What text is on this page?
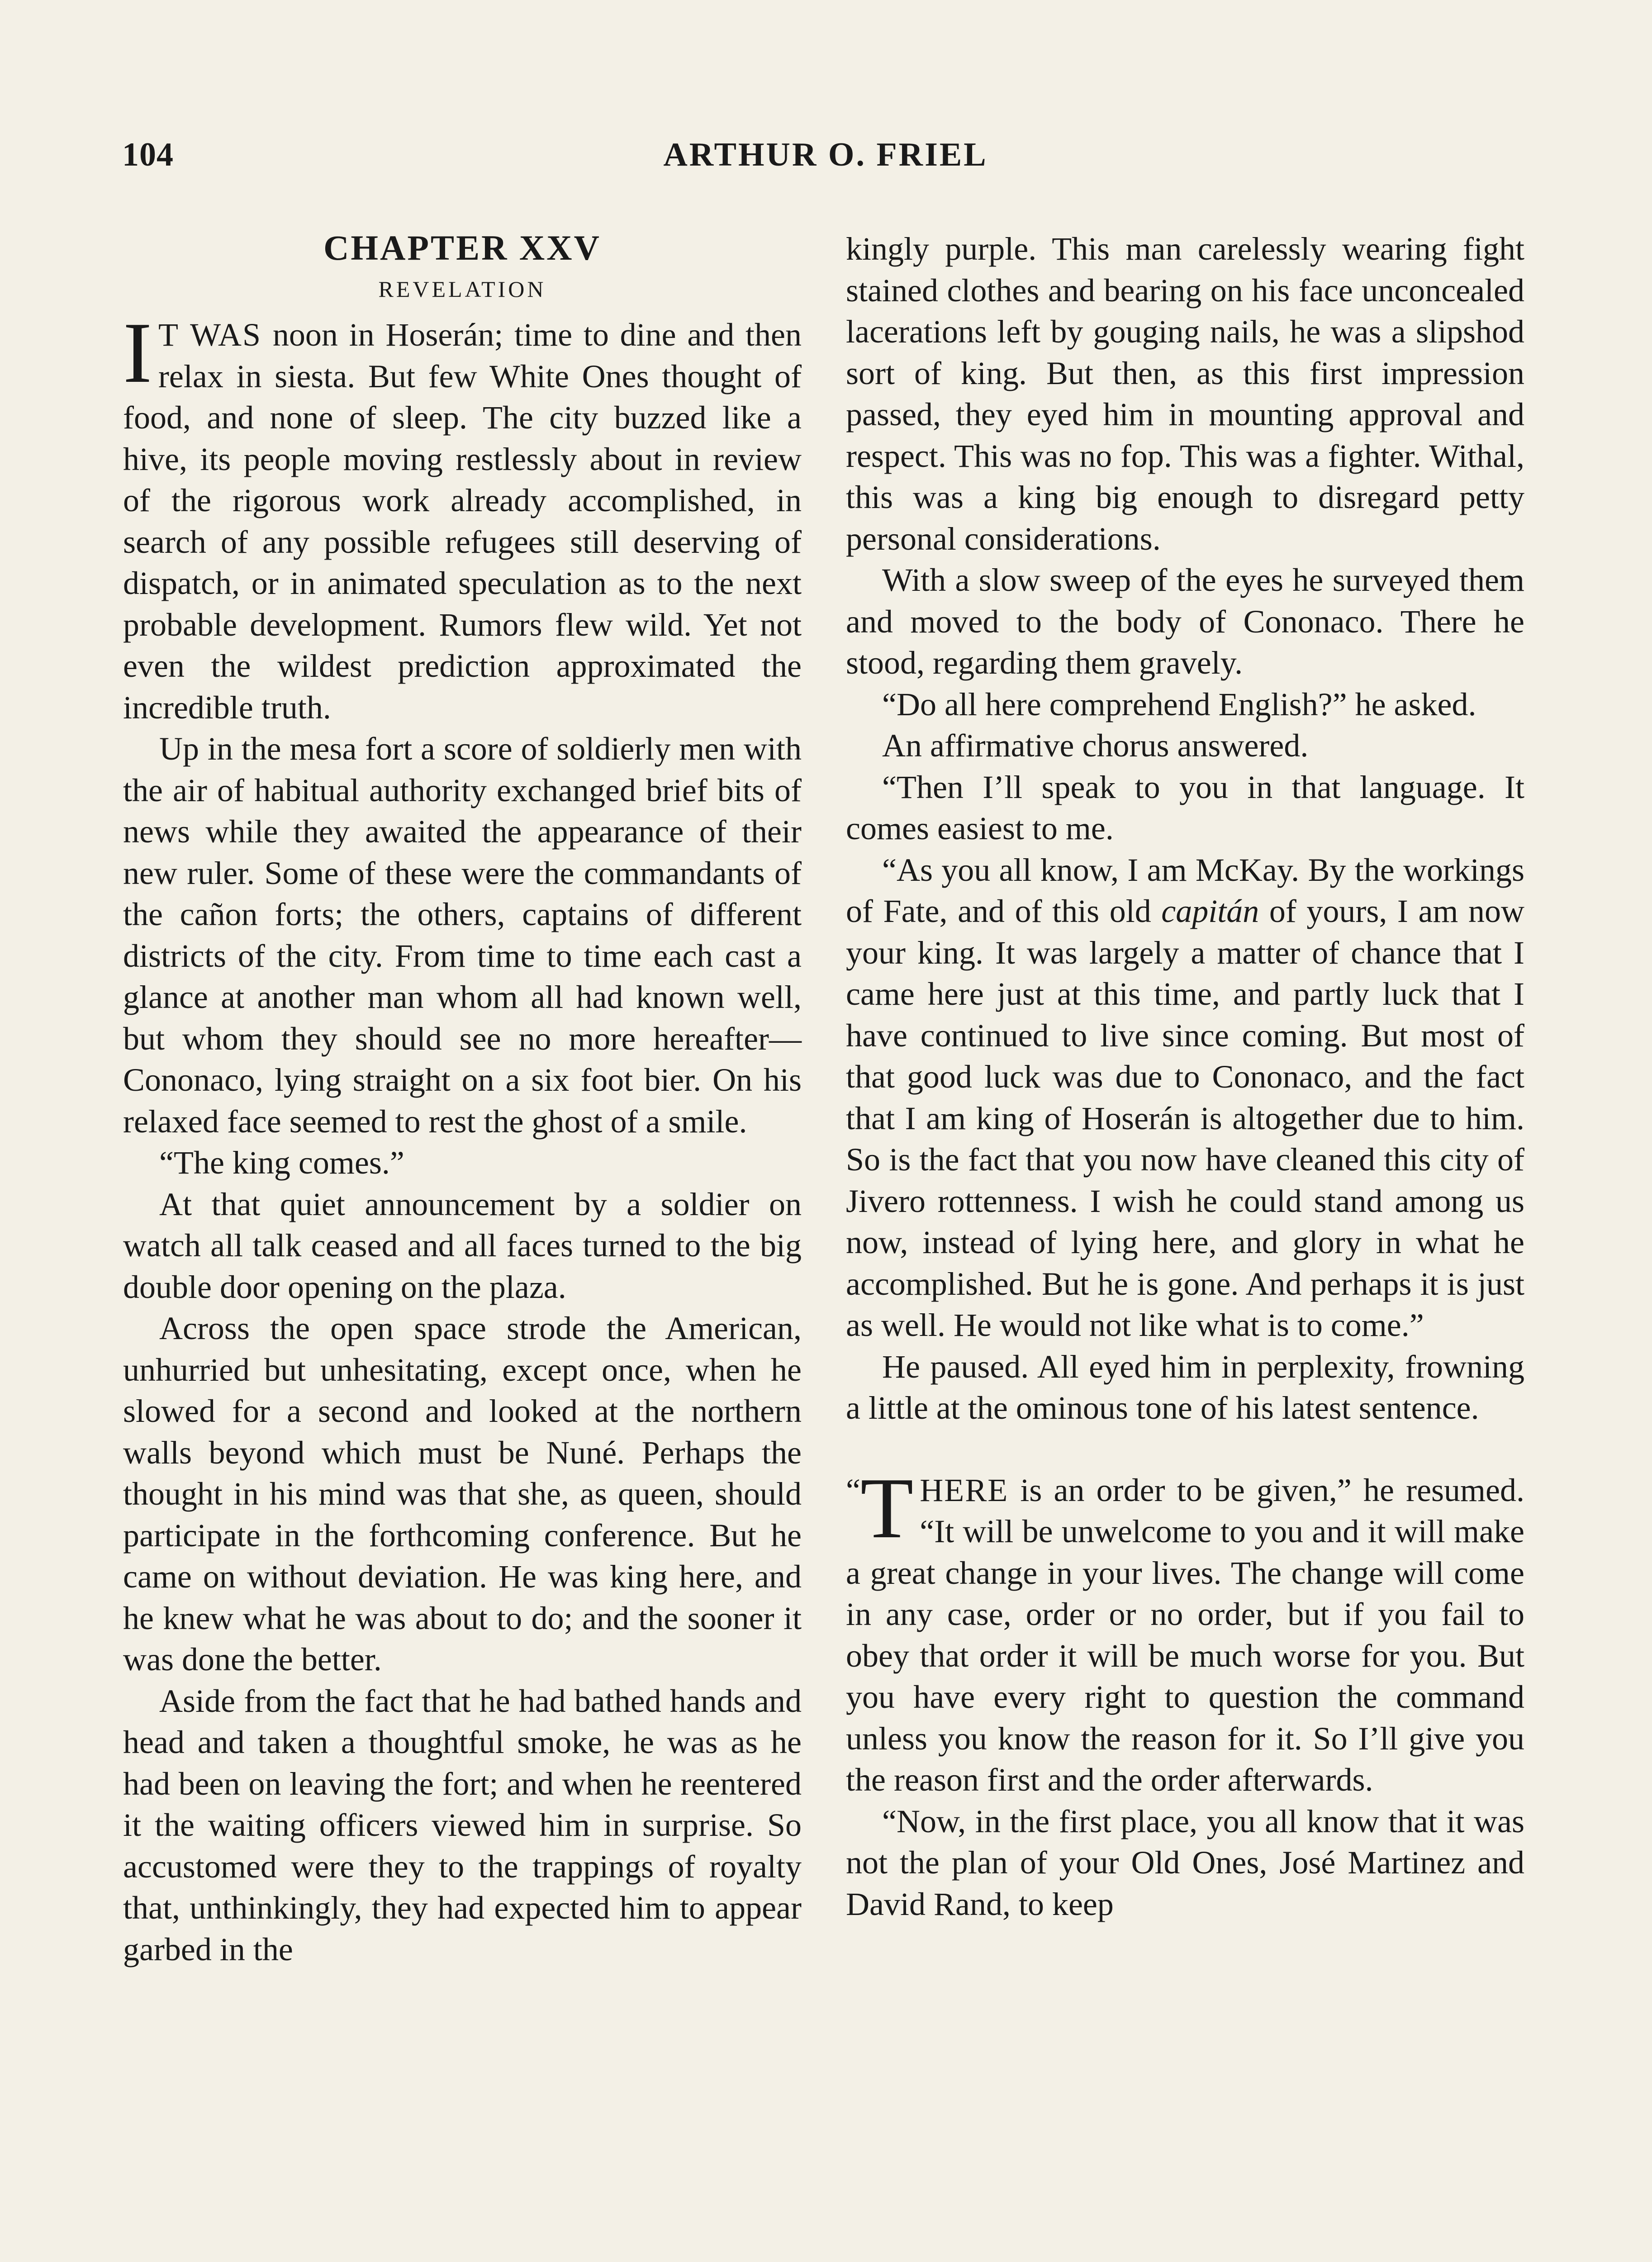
104	ARTHUR O. FRIEL
CHAPTER XXV
REVELATION

I T WAS noon in Hoserán; time to dine and then relax in siesta. But few White Ones thought of food, and none of sleep. The city buzzed like a hive, its people moving restlessly about in review of the rigorous work already accomplished, in search of any possible refugees still deserving of dispatch, or in animated speculation as to the next probable development. Rumors flew wild. Yet not even the wildest prediction approximated the incredible truth.

Up in the mesa fort a score of soldierly men with the air of habitual authority exchanged brief bits of news while they awaited the appearance of their new ruler. Some of these were the commandants of the cañon forts; the others, captains of different districts of the city. From time to time each cast a glance at another man whom all had known well, but whom they should see no more hereafter—Cononaco, lying straight on a six foot bier. On his relaxed face seemed to rest the ghost of a smile.

“The king comes.”

At that quiet announcement by a soldier on watch all talk ceased and all faces turned to the big double door opening on the plaza.

Across the open space strode the American, unhurried but unhesitating, except once, when he slowed for a second and looked at the northern walls beyond which must be Nuné. Perhaps the thought in his mind was that she, as queen, should participate in the forthcoming conference. But he came on without deviation. He was king here, and he knew what he was about to do; and the sooner it was done the better.

Aside from the fact that he had bathed hands and head and taken a thoughtful smoke, he was as he had been on leaving the fort; and when he reentered it the waiting officers viewed him in surprise. So accustomed were they to the trappings of royalty that, unthinkingly, they had expected him to appear garbed in the

kingly purple. This man carelessly wearing fight stained clothes and bearing on his face unconcealed lacerations left by gouging nails, he was a slipshod sort of king. But then, as this first impression passed, they eyed him in mounting approval and respect. This was no fop. This was a fighter. Withal, this was a king big enough to disregard petty personal considerations.

With a slow sweep of the eyes he surveyed them and moved to the body of Cononaco. There he stood, regarding them gravely.

“Do all here comprehend English?” he asked.

An affirmative chorus answered.

“Then I’ll speak to you in that language. It comes easiest to me.

“As you all know, I am McKay. By the workings of Fate, and of this old capitán of yours, I am now your king. It was largely a matter of chance that I came here just at this time, and partly luck that I have continued to live since coming. But most of that good luck was due to Cononaco, and the fact that I am king of Hoserán is altogether due to him. So is the fact that you now have cleaned this city of Jivero rottenness. I wish he could stand among us now, instead of lying here, and glory in what he accomplished. But he is gone. And perhaps it is just as well. He would not like what is to come.”

He paused. All eyed him in perplexity, frowning a little at the ominous tone of his latest sentence.

“ T HERE is an order to be given,” he resumed. “It will be unwelcome to you and it will make a great change in your lives. The change will come in any case, order or no order, but if you fail to obey that order it will be much worse for you. But you have every right to question the command unless you know the reason for it. So I’ll give you the reason first and the order afterwards.

“Now, in the first place, you all know that it was not the plan of your Old Ones, José Martinez and David Rand, to keep
